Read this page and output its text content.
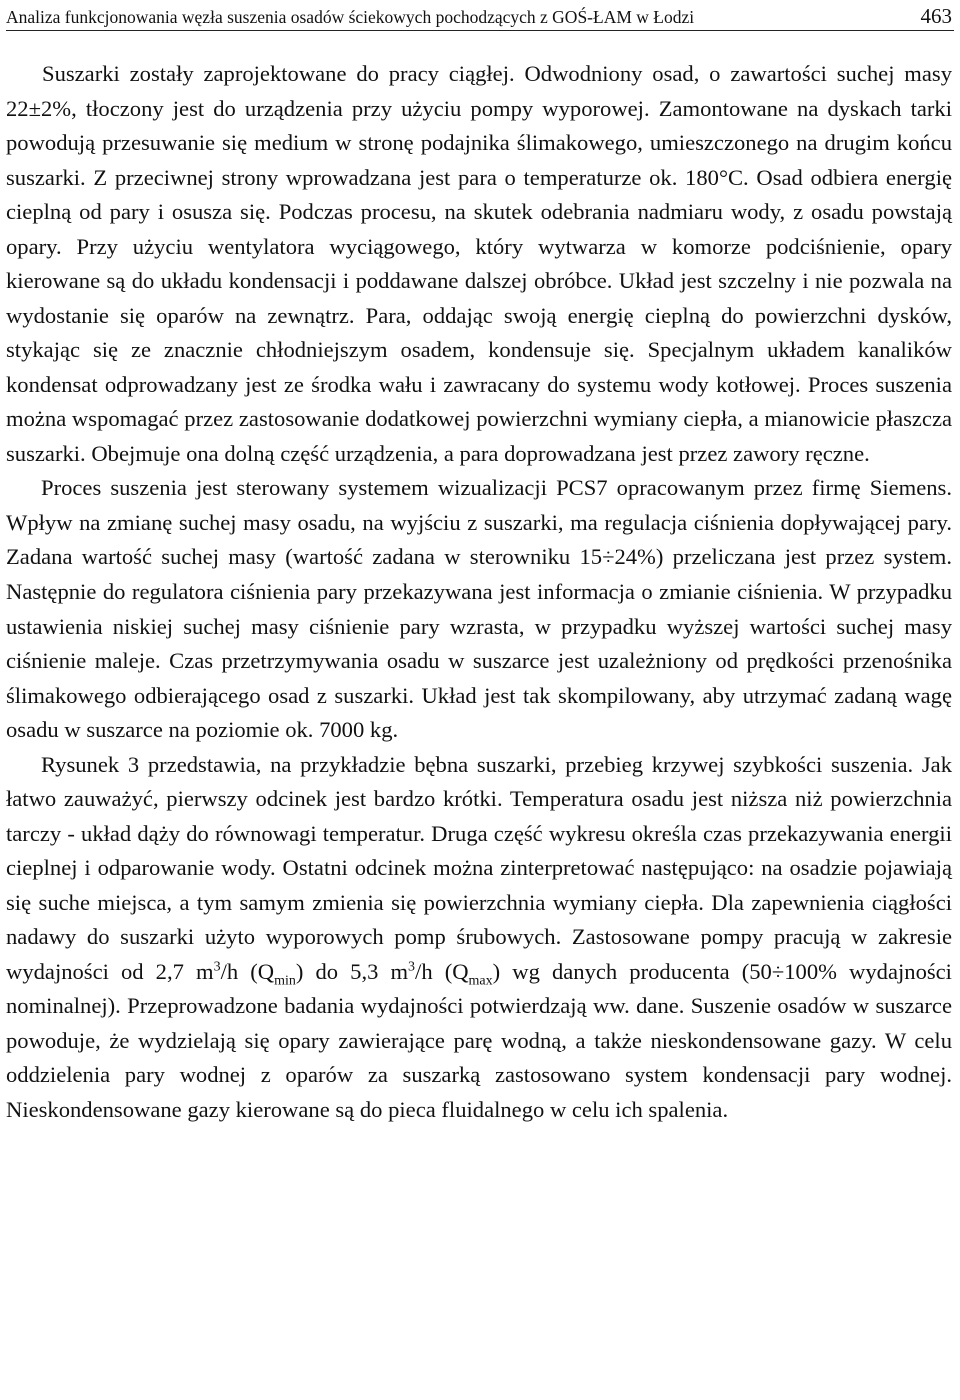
Analiza funkcjonowania węzła suszenia osadów ściekowych pochodzących z GOŚ-ŁAM w Łodzi	463

Suszarki zostały zaprojektowane do pracy ciągłej. Odwodniony osad, o zawartości suchej masy 22±2%, tłoczony jest do urządzenia przy użyciu pompy wyporowej. Zamontowane na dyskach tarki powodują przesuwanie się medium w stronę podajnika ślimakowego, umieszczonego na drugim końcu suszarki. Z przeciwnej strony wprowadzana jest para o temperaturze ok. 180°C. Osad odbiera energię cieplną od pary i osusza się. Podczas procesu, na skutek odebrania nadmiaru wody, z osadu powstają opary. Przy użyciu wentylatora wyciągowego, który wytwarza w komorze podciśnienie, opary kierowane są do układu kondensacji i poddawane dalszej obróbce. Układ jest szczelny i nie pozwala na wydostanie się oparów na zewnątrz. Para, oddając swoją energię cieplną do powierzchni dysków, stykając się ze znacznie chłodniejszym osadem, kondensuje się. Specjalnym układem kanalików kondensat odprowadzany jest ze środka wału i zawracany do systemu wody kotłowej. Proces suszenia można wspomagać przez zastosowanie dodatkowej powierzchni wymiany ciepła, a mianowicie płaszcza suszarki. Obejmuje ona dolną część urządzenia, a para doprowadzana jest przez zawory ręczne.

Proces suszenia jest sterowany systemem wizualizacji PCS7 opracowanym przez firmę Siemens. Wpływ na zmianę suchej masy osadu, na wyjściu z suszarki, ma regulacja ciśnienia dopływającej pary. Zadana wartość suchej masy (wartość zadana w sterowniku 15÷24%) przeliczana jest przez system. Następnie do regulatora ciśnienia pary przekazywana jest informacja o zmianie ciśnienia. W przypadku ustawienia niskiej suchej masy ciśnienie pary wzrasta, w przypadku wyższej wartości suchej masy ciśnienie maleje. Czas przetrzymywania osadu w suszarce jest uzależniony od prędkości przenośnika ślimakowego odbierającego osad z suszarki. Układ jest tak skompilowany, aby utrzymać zadaną wagę osadu w suszarce na poziomie ok. 7000 kg.

Rysunek 3 przedstawia, na przykładzie bębna suszarki, przebieg krzywej szybkości suszenia. Jak łatwo zauważyć, pierwszy odcinek jest bardzo krótki. Temperatura osadu jest niższa niż powierzchnia tarczy - układ dąży do równowagi temperatur. Druga część wykresu określa czas przekazywania energii cieplnej i odparowanie wody. Ostatni odcinek można zinterpretować następująco: na osadzie pojawiają się suche miejsca, a tym samym zmienia się powierzchnia wymiany ciepła. Dla zapewnienia ciągłości nadawy do suszarki użyto wyporowych pomp śrubowych. Zastosowane pompy pracują w zakresie wydajności od 2,7 $m^3/h$ $(Q_{min})$ do 5,3 $m^3/h$ $(Q_{max})$ wg danych producenta (50÷100% wydajności nominalnej). Przeprowadzone badania wydajności potwierdzają ww. dane. Suszenie osadów w suszarce powoduje, że wydzielają się opary zawierające parę wodną, a także nieskondensowane gazy. W celu oddzielenia pary wodnej z oparów za suszarką zastosowano system kondensacji pary wodnej. Nieskondensowane gazy kierowane są do pieca fluidalnego w celu ich spalenia.
